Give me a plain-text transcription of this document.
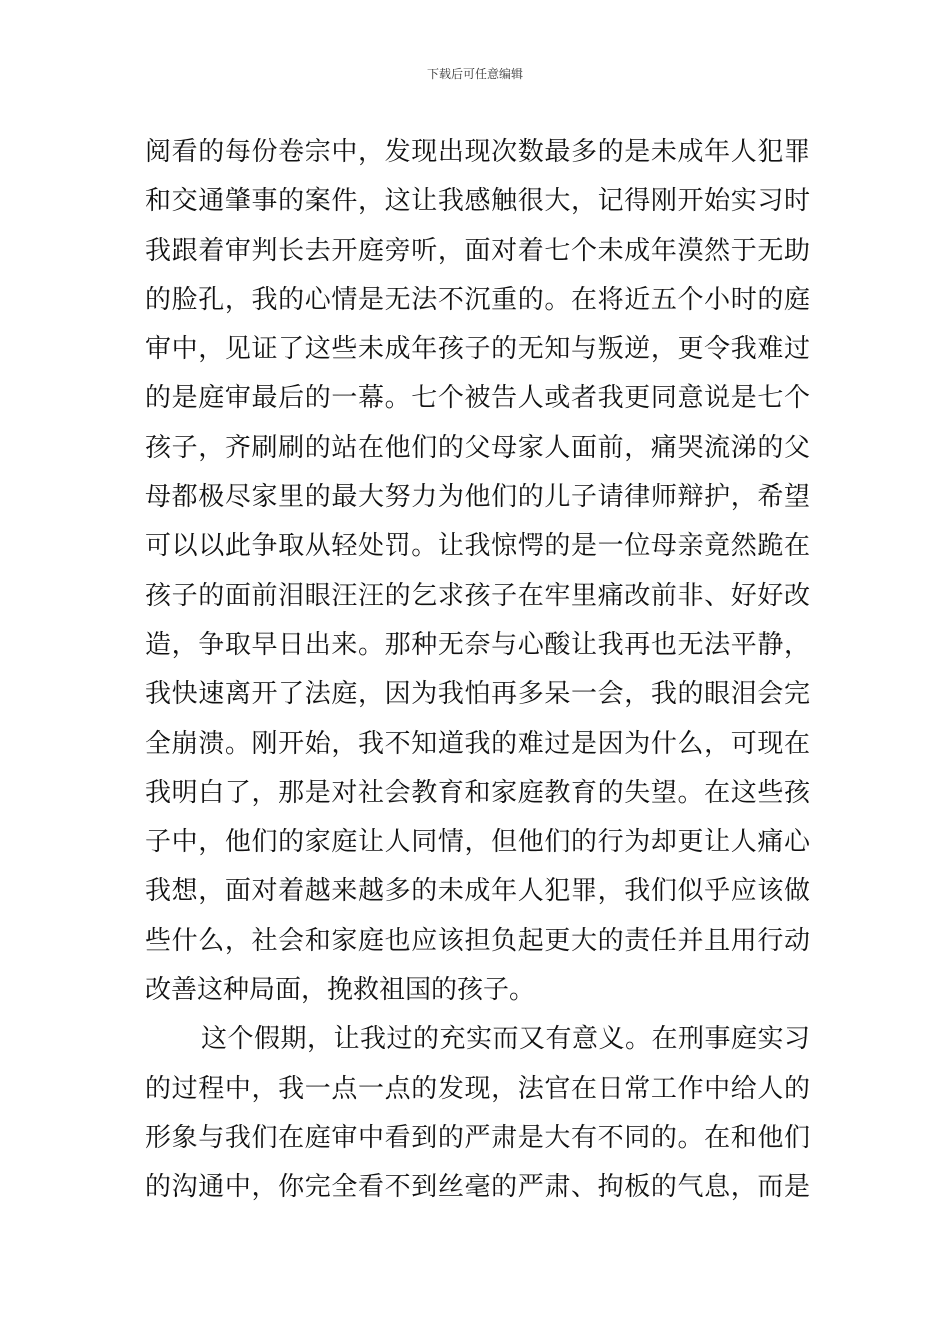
下载后可任意编辑
阅看的每份卷宗中，发现出现次数最多的是未成年人犯罪
和交通肇事的案件，这让我感触很大，记得刚开始实习时
我跟着审判长去开庭旁听，面对着七个未成年漠然于无助
的脸孔，我的心情是无法不沉重的。在将近五个小时的庭
审中，见证了这些未成年孩子的无知与叛逆，更令我难过
的是庭审最后的一幕。七个被告人或者我更同意说是七个
孩子，齐刷刷的站在他们的父母家人面前，痛哭流涕的父
母都极尽家里的最大努力为他们的儿子请律师辩护，希望
可以以此争取从轻处罚。让我惊愕的是一位母亲竟然跪在
孩子的面前泪眼汪汪的乞求孩子在牢里痛改前非、好好改
造，争取早日出来。那种无奈与心酸让我再也无法平静，
我快速离开了法庭，因为我怕再多呆一会，我的眼泪会完
全崩溃。刚开始，我不知道我的难过是因为什么，可现在
我明白了，那是对社会教育和家庭教育的失望。在这些孩
子中，他们的家庭让人同情，但他们的行为却更让人痛心
我想，面对着越来越多的未成年人犯罪，我们似乎应该做
些什么，社会和家庭也应该担负起更大的责任并且用行动
改善这种局面，挽救祖国的孩子。
这个假期，让我过的充实而又有意义。在刑事庭实习
的过程中，我一点一点的发现，法官在日常工作中给人的
形象与我们在庭审中看到的严肃是大有不同的。在和他们
的沟通中，你完全看不到丝毫的严肃、拘板的气息，而是
